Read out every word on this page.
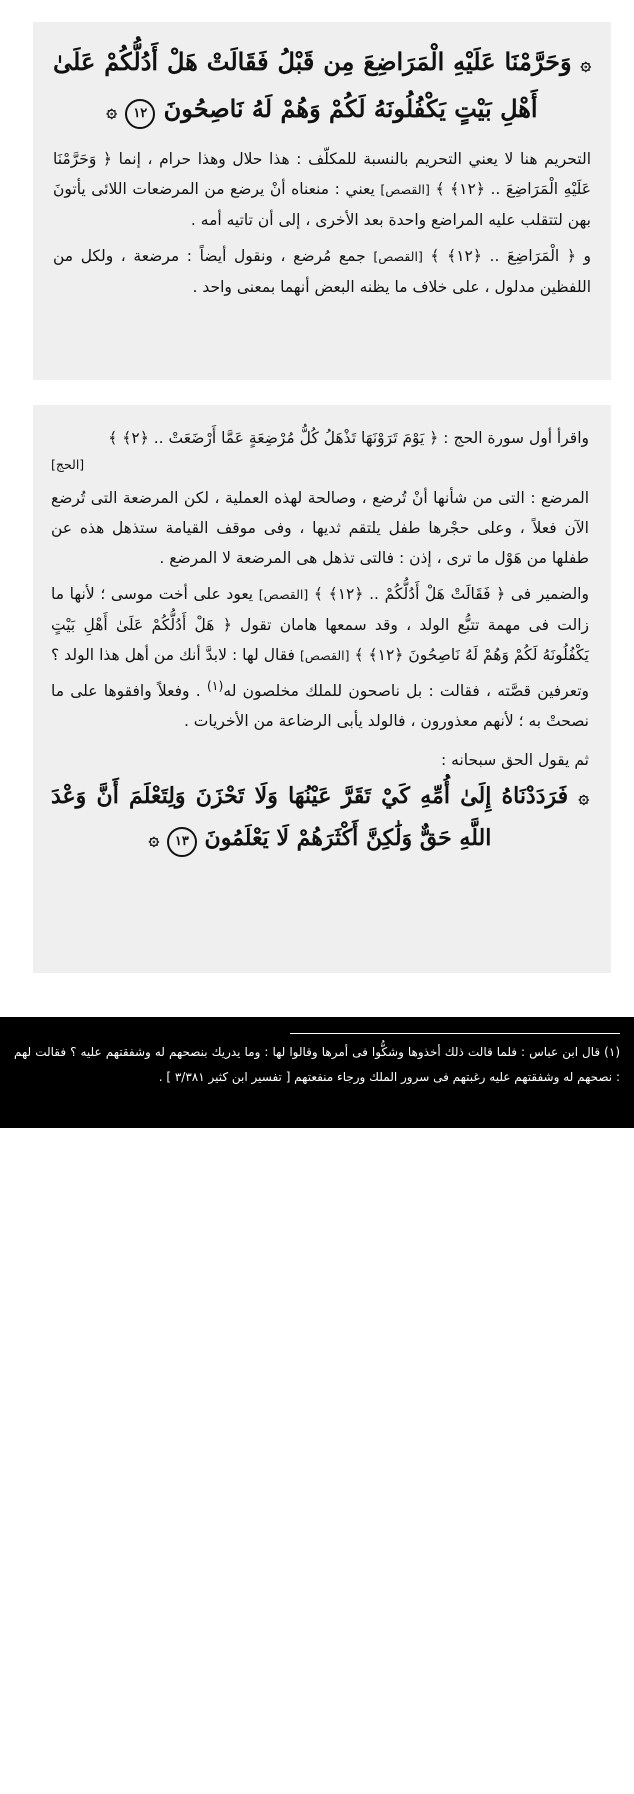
۞ وَحَرَّمْنَا عَلَيْهِ الْمَرَاضِعَ مِن قَبْلُ فَقَالَتْ هَلْ أَدُلُّكُمْ عَلَىٰ أَهْلِ بَيْتٍ يَكْفُلُونَهُ لَكُمْ وَهُمْ لَهُ نَاصِحُونَ ١٢ ۞

التحريم هنا لا يعني التحريم بالنسبة للمكلّف : هذا حلال وهذا حرام ، إنما ﴿ وَحَرَّمْنَا عَلَيْهِ الْمَرَاضِعَ .. ﴿١٢﴾ ﴾ [القصص] يعني : منعناه أنْ يرضع من المرضعات اللائى يأتونَ بهن لتتقلب عليه المراضع واحدة بعد الأخرى ، إلى أن تاتيه أمه .

و ﴿ الْمَرَاضِعَ .. ﴿١٢﴾ ﴾ [القصص] جمع مُرضع ، ونقول أيضاً : مرضعة ، ولكل من اللفظين مدلول ، على خلاف ما يظنه البعض أنهما بمعنى واحد .

واقرأ أول سورة الحج : ﴿ يَوْمَ تَرَوْنَهَا تَذْهَلُ كُلُّ مُرْضِعَةٍ عَمَّا أَرْضَعَتْ .. ﴿٢﴾ ﴾
[الحج]

المرضع : التى من شأنها أنْ تُرضع ، وصالحة لهذه العملية ، لكن المرضعة التى تُرضع الآن فعلاً ، وعلى حجْرها طفل يلتقم ثديها ، وفى موقف القيامة ستذهل هذه عن طفلها من هَوْل ما ترى ، إذن : فالتى تذهل هى المرضعة لا المرضع .

والضمير فى ﴿ فَقَالَتْ هَلْ أَدُلُّكُمْ .. ﴿١٢﴾ ﴾ [القصص] يعود على أخت موسى ؛ لأنها ما زالت فى مهمة تتبُّع الولد ، وقد سمعها هامان تقول ﴿ هَلْ أَدُلُّكُمْ عَلَىٰ أَهْلِ بَيْتٍ يَكْفُلُونَهُ لَكُمْ وَهُمْ لَهُ نَاصِحُونَ ﴿١٢﴾ ﴾ [القصص] فقال لها : لابدَّ أنك من أهل هذا الولد ؟ وتعرفين قصَّته ، فقالت : بل ناصحون للملك مخلصون له$^{(١)}$ . وفعلاً وافقوها على ما نصحتْ به ؛ لأنهم معذورون ، فالولد يأبى الرضاعة من الأخريات .

ثم يقول الحق سبحانه :

۞ فَرَدَدْنَاهُ إِلَىٰ أُمِّهِ كَيْ تَقَرَّ عَيْنُهَا وَلَا تَحْزَنَ وَلِتَعْلَمَ أَنَّ وَعْدَ اللَّهِ حَقٌّ وَلَٰكِنَّ أَكْثَرَهُمْ لَا يَعْلَمُونَ ١٣ ۞

(١) قال ابن عباس : فلما قالت ذلك أخذوها وشكُّوا فى أمرها وقالوا لها : وما يدريك بنصحهم له وشفقتهم عليه ؟ فقالت لهم : نصحهم له وشفقتهم عليه رغبتهم فى سرور الملك ورجاء منفعتهم [ تفسير ابن كثير ٣/٣٨١ ] .
